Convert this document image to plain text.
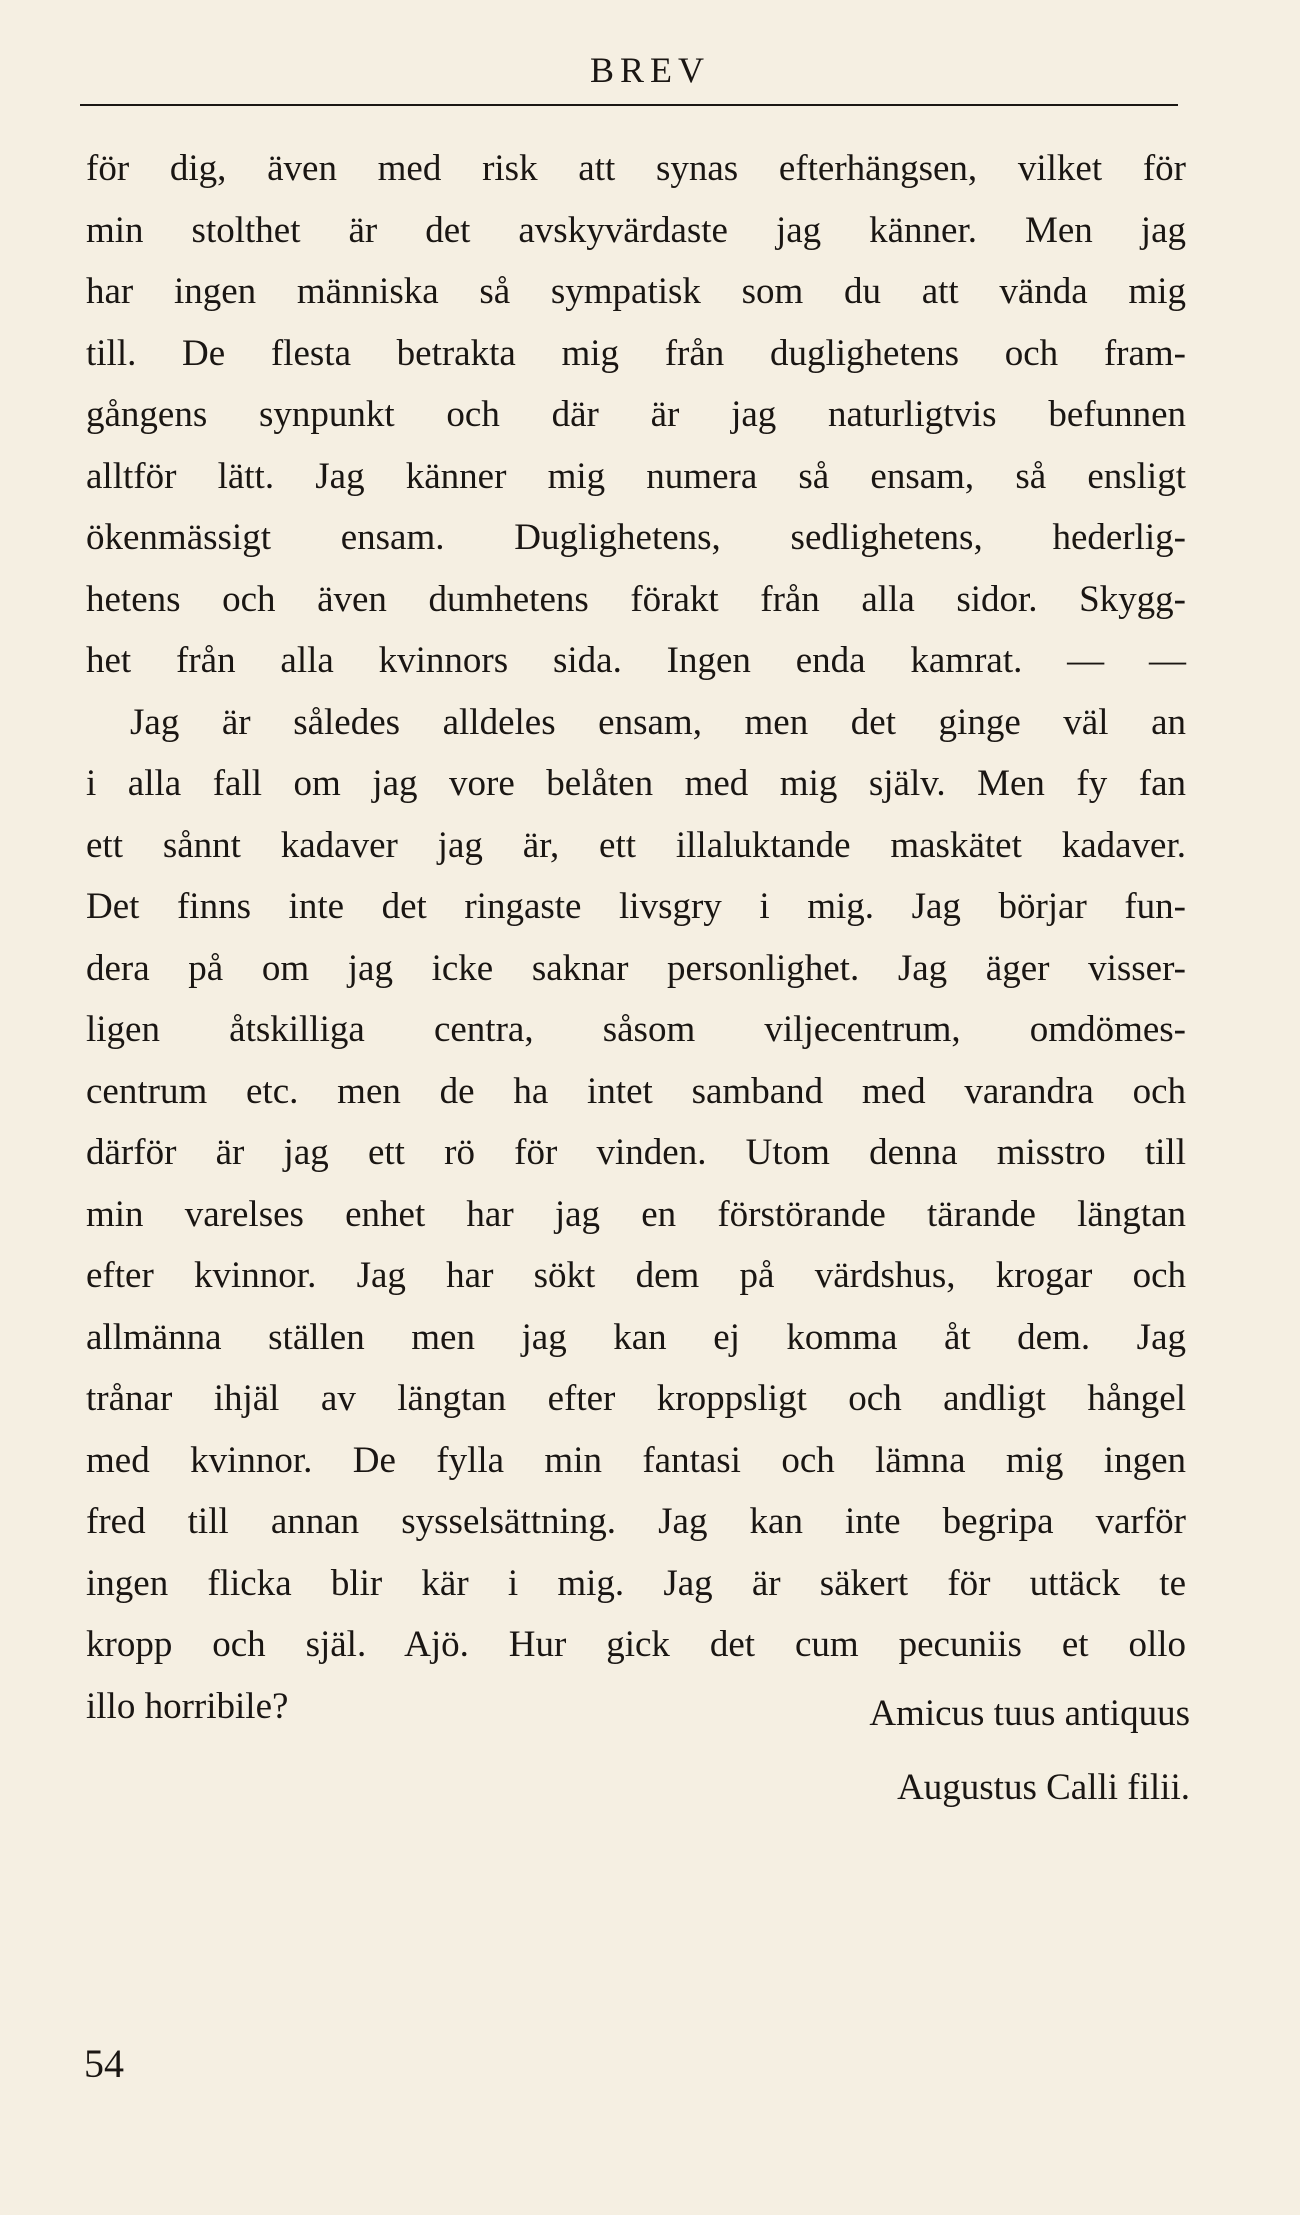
BREV
för dig, även med risk att synas efterhängsen, vilket för
min stolthet är det avskyvärdaste jag känner. Men jag
har ingen människa så sympatisk som du att vända mig
till. De flesta betrakta mig från duglighetens och fram-
gångens synpunkt och där är jag naturligtvis befunnen
alltför lätt. Jag känner mig numera så ensam, så ensligt
ökenmässigt ensam. Duglighetens, sedlighetens, hederlig-
hetens och även dumhetens förakt från alla sidor. Skygg-
het från alla kvinnors sida. Ingen enda kamrat. — —
Jag är således alldeles ensam, men det ginge väl an
i alla fall om jag vore belåten med mig själv. Men fy fan
ett sånnt kadaver jag är, ett illaluktande maskätet kadaver.
Det finns inte det ringaste livsgry i mig. Jag börjar fun-
dera på om jag icke saknar personlighet. Jag äger visser-
ligen åtskilliga centra, såsom viljecentrum, omdömes-
centrum etc. men de ha intet samband med varandra och
därför är jag ett rö för vinden. Utom denna misstro till
min varelses enhet har jag en förstörande tärande längtan
efter kvinnor. Jag har sökt dem på värdshus, krogar och
allmänna ställen men jag kan ej komma åt dem. Jag
trånar ihjäl av längtan efter kroppsligt och andligt hångel
med kvinnor. De fylla min fantasi och lämna mig ingen
fred till annan sysselsättning. Jag kan inte begripa varför
ingen flicka blir kär i mig. Jag är säkert för uttäck te
kropp och själ. Ajö. Hur gick det cum pecuniis et ollo
illo horribile?	Amicus tuus antiquus
Augustus Calli filii.
54
